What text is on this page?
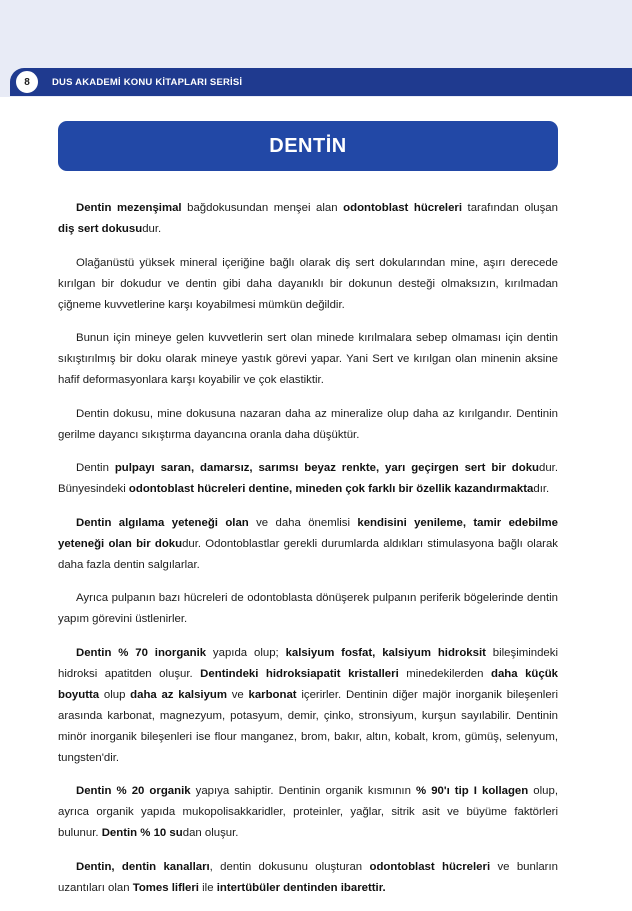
8	DUS AKADEMİ KONU KİTAPLARI SERİSİ
DENTİN

Dentin mezenşimal bağdokusundan menşei alan odontoblast hücreleri tarafından oluşan diş sert dokusudur.

Olağanüstü yüksek mineral içeriğine bağlı olarak diş sert dokularından mine, aşırı derecede kırılgan bir dokudur ve dentin gibi daha dayanıklı bir dokunun desteği olmaksızın, kırılmadan çiğneme kuvvetlerine karşı koyabilmesi mümkün değildir.

Bunun için mineye gelen kuvvetlerin sert olan minede kırılmalara sebep olmaması için dentin sıkıştırılmış bir doku olarak mineye yastık görevi yapar. Yani Sert ve kırılgan olan minenin aksine hafif deformasyonlara karşı koyabilir ve çok elastiktir.

Dentin dokusu, mine dokusuna nazaran daha az mineralize olup daha az kırılgandır. Dentinin gerilme dayancı sıkıştırma dayancına oranla daha düşüktür.

Dentin pulpayı saran, damarsız, sarımsı beyaz renkte, yarı geçirgen sert bir dokudur. Bünyesindeki odontoblast hücreleri dentine, mineden çok farklı bir özellik kazandırmaktadır.

Dentin algılama yeteneği olan ve daha önemlisi kendisini yenileme, tamir edebilme yeteneği olan bir dokudur. Odontoblastlar gerekli durumlarda aldıkları stimulasyona bağlı olarak daha fazla dentin salgılarlar.

Ayrıca pulpanın bazı hücreleri de odontoblasta dönüşerek pulpanın periferik bögelerinde dentin yapım görevini üstlenirler.

Dentin % 70 inorganik yapıda olup; kalsiyum fosfat, kalsiyum hidroksit bileşimindeki hidroksi apatitden oluşur. Dentindeki hidroksiapatit kristalleri minedekilerden daha küçük boyutta olup daha az kalsiyum ve karbonat içerirler. Dentinin diğer majör inorganik bileşenleri arasında karbonat, magnezyum, potasyum, demir, çinko, stronsiyum, kurşun sayılabilir. Dentinin minör inorganik bileşenleri ise flour manganez, brom, bakır, altın, kobalt, krom, gümüş, selenyum, tungsten'dir.

Dentin % 20 organik yapıya sahiptir. Dentinin organik kısmının % 90'ı tip I kollagen olup, ayrıca organik yapıda mukopolisakkaridler, proteinler, yağlar, sitrik asit ve büyüme faktörleri bulunur. Dentin % 10 sudan oluşur.

Dentin, dentin kanalları, dentin dokusunu oluşturan odontoblast hücreleri ve bunların uzantıları olan Tomes lifleri ile intertübüler dentinden ibarettir.
